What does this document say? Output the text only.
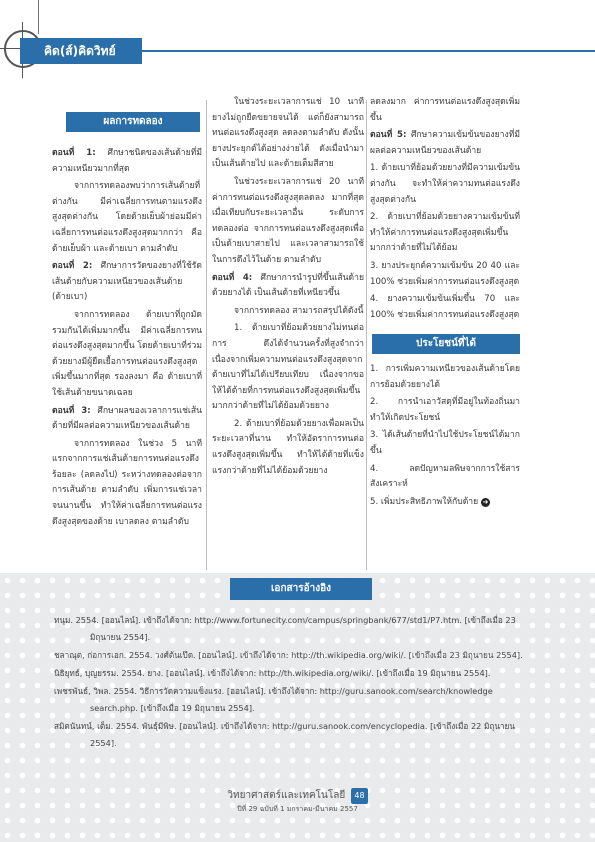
คิด(ส์)คิดวิทย์
ผลการทดลอง

ตอนที่ 1: ศึกษาชนิดของเส้นด้ายที่มีความเหนียวมากที่สุด

จากการทดลองพบว่าการเส้นด้ายที่ต่างกัน มีค่าเฉลี่ยการทนตามแรงดึงสูงสุดต่างกัน โดยด้ายเย็บผ้าย่อมมีค่าเฉลี่ยการทนต่อแรงดึงสูงสุดมากกว่า คือ ด้ายเย็บผ้า และด้ายเบา ตามลำดับ

ตอนที่ 2: ศึกษาการวัดของยางที่ใช้รัดเส้นด้ายกับความเหนียวของเส้นด้าย (ด้ายเบา)

จากการทดลอง ด้ายเบาที่ถูกมัดรวมกันได้เพิ่มมากขึ้น มีค่าเฉลี่ยการทนต่อแรงดึงสูงสุดมากขึ้น โดยด้ายเบาที่ร่วมด้วยยางมีผู้ยืดเยื้อการทนต่อแรงดึงสูงสุดเพิ่มขึ้นมากที่สุด รองลงมา คือ ด้ายเบาที่ใช้เส้นด้ายขนาดเฉลย

ตอนที่ 3: ศึกษาผลของเวลาการแช่เส้นด้ายที่มีผลต่อความเหนียวของเส้นด้าย

จากการทดลอง ในช่วง 5 นาที แรกจากการแช่เส้นด้ายการทนต่อแรงดึง ร้อยละ (ลดลงไป) ระหว่างทดลองต่อจากการเส้นด้าย ตามลำดับ เพิ่มการแช่เวลาจนนานขึ้น ทำให้ค่าเฉลี่ยการทนต่อแรงดึงสูงสุดของด้าย เบาลดลง ตามลำดับ

ในช่วงระยะเวลาการแช่ 10 นาที ยางไม่ถูกยืดขยายจนได้ แต่ก็ยังสามารถทนต่อแรงดึงสูงสุด ลดลงตามลำดับ ดังนั้น ยางประยุกต์ได้อย่างง่ายได้ ดังเมื่อนำมาเป็นเส้นด้ายไป และด้ายเต็มสีสาย

ในช่วงระยะเวลาการแช่ 20 นาที ค่าการทนต่อแรงดึงสูงสุดลดลง มากที่สุด เมื่อเทียบกับระยะเวลาอื่น ระดับการทดลองต่อ จากการทนต่อแรงดึงสูงสุดเพื่อเป็นด้ายเบาสายไป และเวลาสามารถใช้ในการดึงไว้ในด้าย ตามลำดับ

ตอนที่ 4: ศึกษาการนำรูปที่ขึ้นเส้นด้ายด้วยยางได้ เป็นเส้นด้ายที่เหนียวขึ้น

จากการทดลอง สามารถสรุปได้ดังนี้

1. ด้ายเบาที่ย้อมด้วยยางไม่ทนต่อการ ดึงได้จำนวนครั้งที่สูงจำกว่า เนื่องจากเพิ่มความทนต่อแรงดึงสูงสุดจากด้ายเบาที่ไม่ได้เปรียบเทียบ เนื่องจากขอให้ได้ด้ายที่การทนต่อแรงดึงสูงสุดเพิ่มขึ้นมากกว่าด้ายที่ไม่ได้ย้อมด้วยยาง

2. ด้ายเบาที่ย้อมด้วยยางเพื่อผลเป็นระยะเวลาที่นาน ทำให้อัตราการทนต่อแรงดึงสูงสุดเพิ่มขึ้น ทำให้ได้ด้ายที่แข็งแรงกว่าด้ายที่ไม่ได้ย้อมด้วยยาง

ลดลงมาก ค่าการทนต่อแรงดึงสูงสุดเพิ่มขึ้น

ตอนที่ 5: ศึกษาความเข้มข้นของยางที่มีผลต่อความเหนียวของเส้นด้าย

1. ด้ายเบาที่ย้อมด้วยยางที่มีความเข้มข้นต่างกัน จะทำให้ค่าความทนต่อแรงดึงสูงสุดต่างกัน

2. ด้ายเบาที่ย้อมด้วยยางความเข้มข้นที่ทำให้ค่าการทนต่อแรงดึงสูงสุดเพิ่มขึ้นมากกว่าด้ายที่ไม่ได้ย้อม

3. ยางประยุกต์ความเข้มข้น 20 40 และ 100% ช่วยเพิ่มค่าการทนต่อแรงดึงสูงสุด

4. ยางความเข้มข้นเพิ่มขึ้น 70 และ 100% ช่วยเพิ่มค่าการทนต่อแรงดึงสูงสุด

ประโยชน์ที่ได้

1. การเพิ่มความเหนียวของเส้นด้ายโดยการย้อมด้วยยางได้

2. การนำเอาวัสดุที่มีอยู่ในท้องถิ่นมาทำให้เกิดประโยชน์

3. ได้เส้นด้ายที่นำไปใช้ประโยชน์ได้มากขึ้น

4. ลดปัญหามลพิษจากการใช้สารสังเคราะห์

5. เพิ่มประสิทธิภาพให้กับด้าย ➜

เอกสารอ้างอิง

ทนุม. 2554. [ออนไลน์]. เข้าถึงได้จาก: http://www.fortunecity.com/campus/springbank/677/std1/P7.htm. [เข้าถึงเมื่อ 23 มิถุนายน 2554].

ชลาณุต, ก่อการเอก. 2554. วงศ์ต้นเป๊ด. [ออนไลน์]. เข้าถึงได้จาก: http://th.wikipedia.org/wiki/. [เข้าถึงเมื่อ 23 มิถุนายน 2554].

นิธิยุทธ์, บุญยรรม. 2554. ยาง. [ออนไลน์]. เข้าถึงได้จาก: http://th.wikipedia.org/wiki/. [เข้าถึงเมื่อ 19 มิถุนายน 2554].

เพชรพันธ์, วิพล. 2554. วิธีการวัดความแข็งแรง. [ออนไลน์]. เข้าถึงได้จาก: http://guru.sanook.com/search/knowledge search.php. [เข้าถึงเมื่อ 19 มิถุนายน 2554].

สมิตนันทน์, เต็ม. 2554. พันธุ์มีพิษ. [ออนไลน์]. เข้าถึงได้จาก: http://guru.sanook.com/encyclopedia. [เข้าถึงเมื่อ 22 มิถุนายน 2554].

วิทยาศาสตร์และเทคโนโลยี 48
ปีที่ 29 ฉบับที่ 1 มกราคม-มีนาคม 2557
